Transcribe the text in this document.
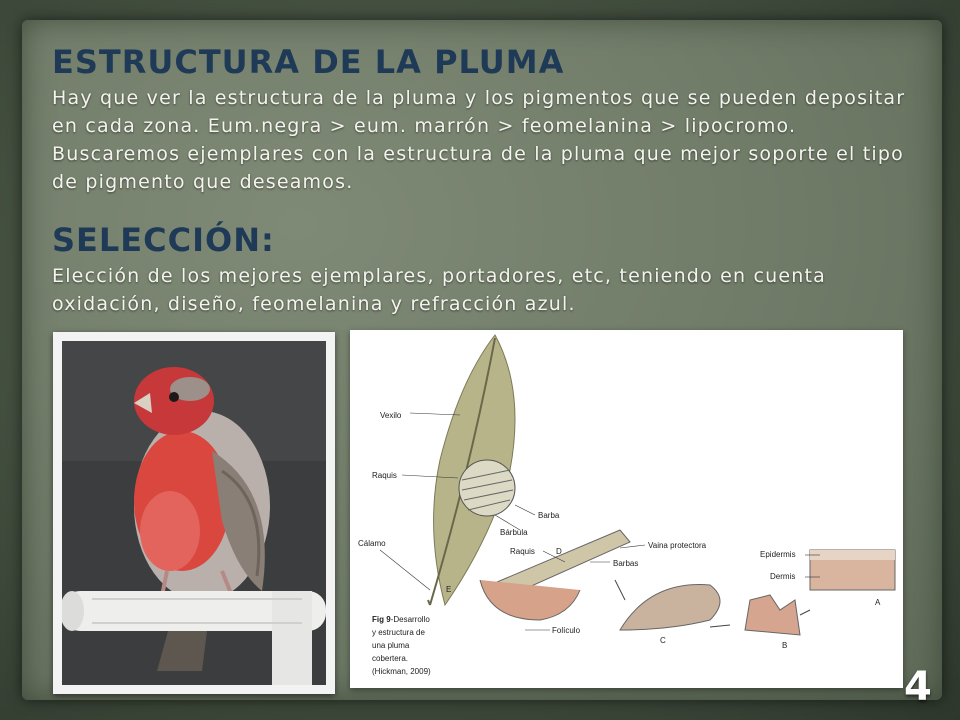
ESTRUCTURA DE LA PLUMA

Hay que ver la estructura de la pluma y los pigmentos que se pueden depositar en cada zona. Eum.negra > eum. marrón > feomelanina > lipocromo. Buscaremos ejemplares con la estructura de la pluma que mejor soporte el tipo de pigmento que deseamos.

SELECCIÓN:

Elección de los mejores ejemplares, portadores, etc, teniendo en cuenta oxidación, diseño, feomelanina y refracción azul.

Vexilo
Raquis
Barba
Bárbula
Cálamo
Raquis
Barbas
Vaina protectora
Folículo
Epidermis
Dermis
A
B
C
D
E
Fig 9-Desarrollo
y estructura de
una pluma
cobertera.
(Hickman, 2009)	4
